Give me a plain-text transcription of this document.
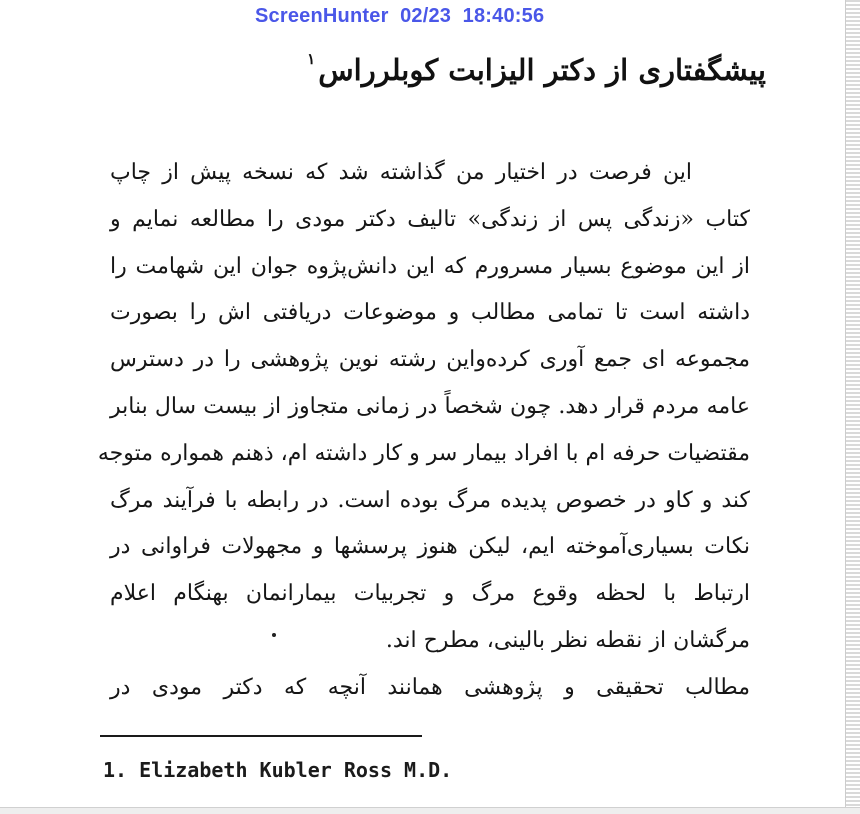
ScreenHunter  02/23  18:40:56
پیشگفتاری از دکتر الیزابت کوبلرراس$^۱$
این فرصت در اختیار من گذاشته شد که نسخه پیش از چاپ
کتاب «زندگی پس از زندگی» تالیف دکتر مودی را مطالعه نمایم و
از این موضوع بسیار مسرورم که این دانش‌پژوه جوان این شهامت را
داشته است تا تمامی مطالب و موضوعات دریافتی اش را بصورت
مجموعه ای جمع آوری کرده‌واین رشته نوین پژوهشی را در دسترس
عامه مردم قرار دهد. چون شخصاً در زمانی متجاوز از بیست سال بنابر
مقتضیات حرفه ام با افراد بیمار‌ سر و کار داشته ام، ذهنم همواره متوجه
کند و کاو در خصوص پدیده مرگ بوده است. در رابطه با فرآیند مرگ
نکات بسیاری‌آموخته ایم، لیکن هنوز پرسشها و مجهولات فراوانی در
ارتباط با لحظه وقوع مرگ و تجربیات بیمارانمان بهنگام اعلام
مرگشان از نقطه نظر بالینی، مطرح اند.
مطالب تحقیقی و پژوهشی همانند آنچه که دکتر مودی در
1. Elizabeth Kubler Ross M.D.
